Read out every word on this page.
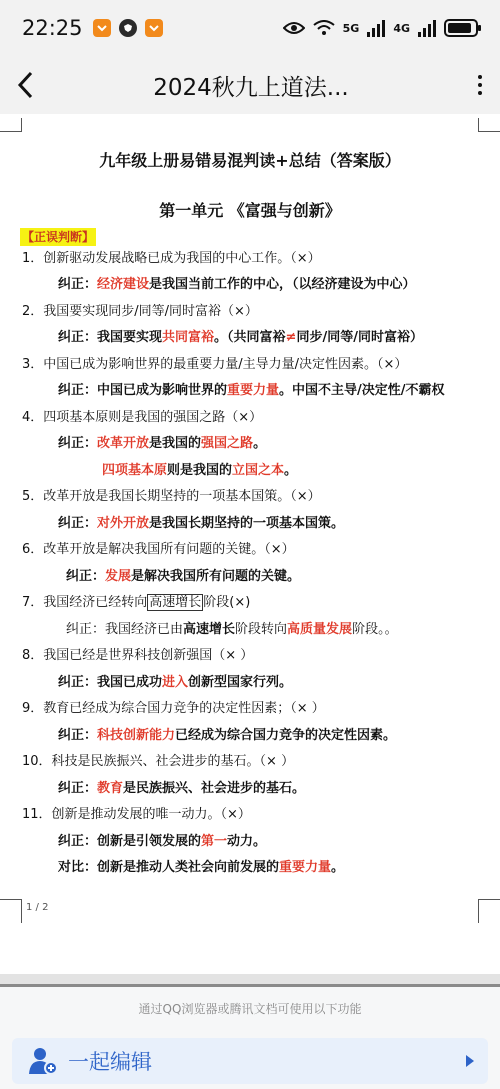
22:25	5G	4G
2024秋九上道法...
九年级上册易错易混判读+总结（答案版）
第一单元 《富强与创新》
【正误判断】
1．创新驱动发展战略已成为我国的中心工作。（×）
纠正：经济建设是我国当前工作的中心，（以经济建设为中心）
2．我国要实现同步/同等/同时富裕（×）
纠正：我国要实现共同富裕。（共同富裕≠同步/同等/同时富裕）
3．中国已成为影响世界的最重要力量/主导力量/决定性因素。（×）
纠正：中国已成为影响世界的重要力量。中国不主导/决定性/不霸权
4．四项基本原则是我国的强国之路（×）
纠正：改革开放是我国的强国之路。
四项基本原则是我国的立国之本。
5．改革开放是我国长期坚持的一项基本国策。（×）
纠正：对外开放是我国长期坚持的一项基本国策。
6．改革开放是解决我国所有问题的关键。（×）
纠正：发展是解决我国所有问题的关键。
7．我国经济已经转向 高速增长 阶段(×)
纠正：我国经济已由高速增长阶段转向高质量发展阶段。。
8．我国已经是世界科技创新强国（× ）
纠正：我国已成功进入创新型国家行列。
9．教育已经成为综合国力竞争的决定性因素；（× ）
纠正：科技创新能力已经成为综合国力竞争的决定性因素。
10．科技是民族振兴、社会进步的基石。（× ）
纠正：教育是民族振兴、社会进步的基石。
11．创新是推动发展的唯一动力。（×）
纠正：创新是引领发展的第一动力。
对比：创新是推动人类社会向前发展的重要力量。
1 / 2
通过QQ浏览器或腾讯文档可使用以下功能
一起编辑
